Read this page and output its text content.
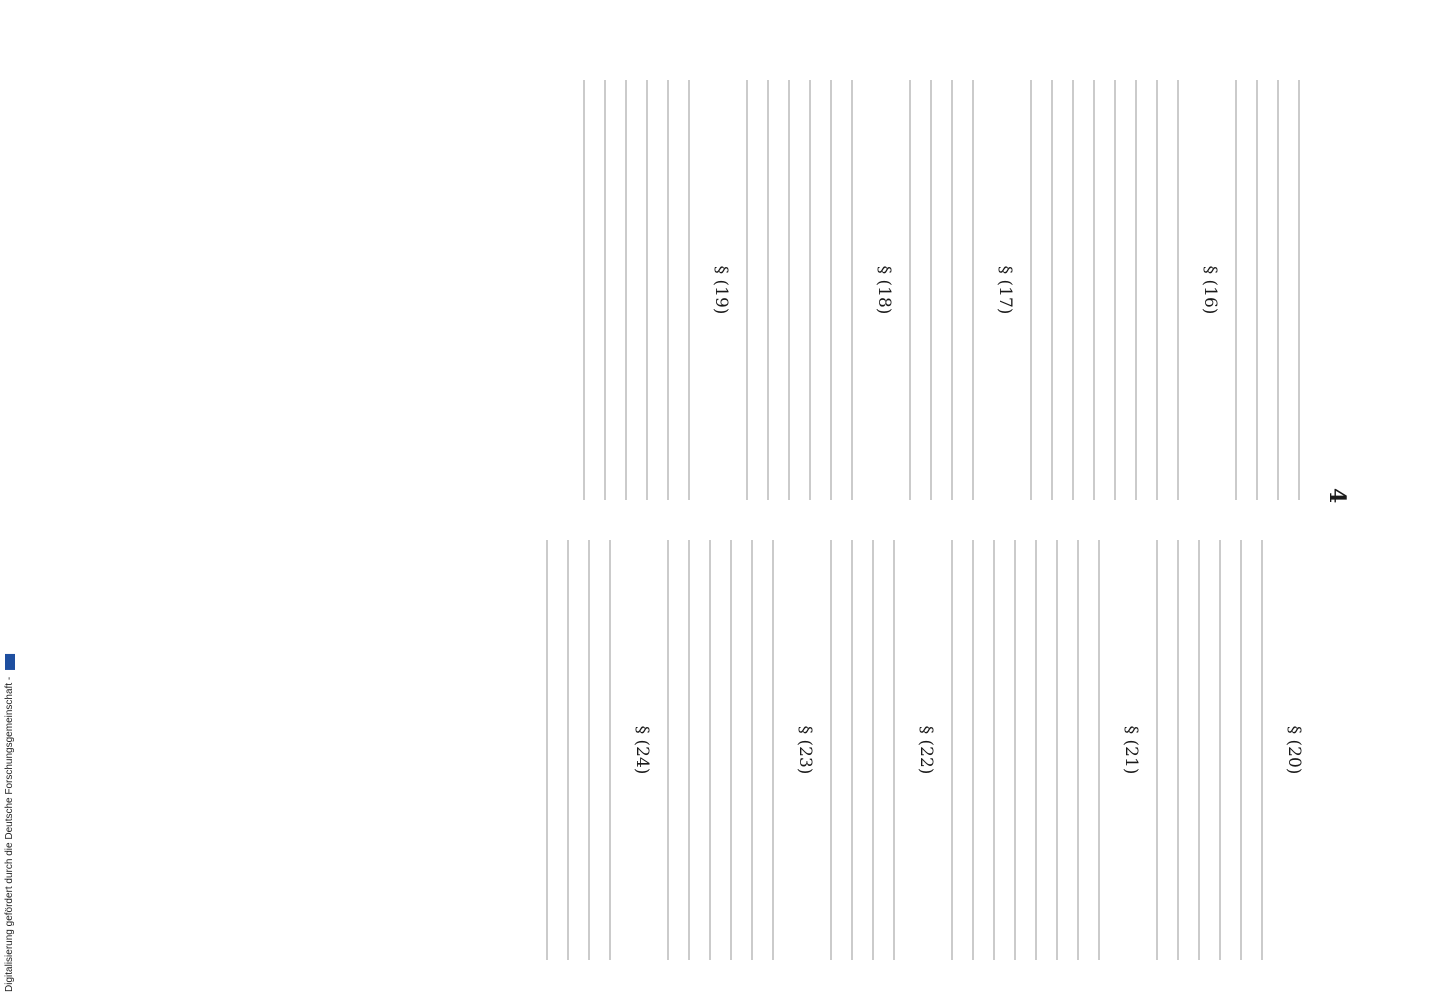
4
§ (16)
§ (17)
§ (18)
§ (19)
§ (20)
§ (21)
§ (22)
§ (23)
§ (24)
Digitalisierung gefördert durch die Deutsche Forschungsgemeinschaft -
